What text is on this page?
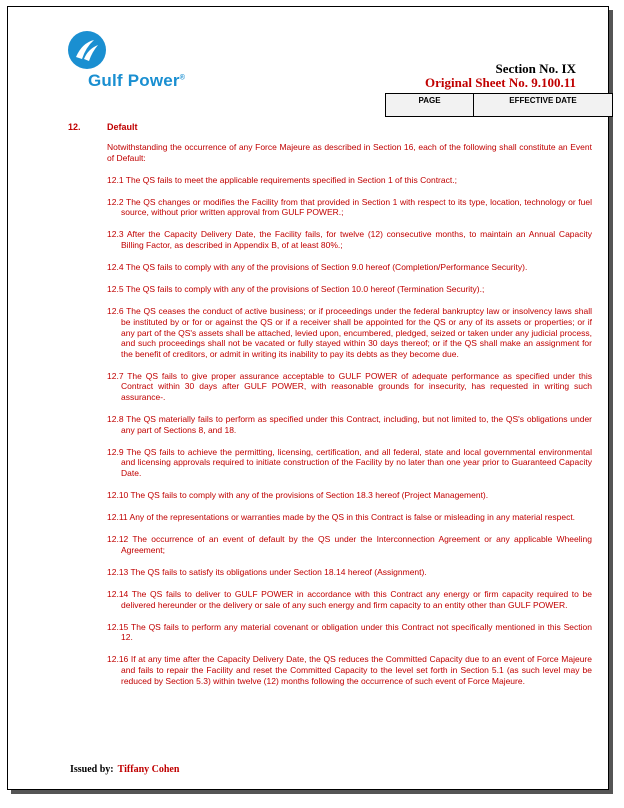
Gulf Power®
Section No. IX
Original Sheet No. 9.100.11
PAGE	EFFECTIVE DATE
12.	Default

Notwithstanding the occurrence of any Force Majeure as described in Section 16, each of the following shall constitute an Event of Default:

12.1 The QS fails to meet the applicable requirements specified in Section 1 of this Contract.;

12.2 The QS changes or modifies the Facility from that provided in Section 1 with respect to its type, location, technology or fuel source, without prior written approval from GULF POWER.;

12.3 After the Capacity Delivery Date, the Facility fails, for twelve (12) consecutive months, to maintain an Annual Capacity Billing Factor, as described in Appendix B, of at least 80%.;

12.4 The QS fails to comply with any of the provisions of Section 9.0 hereof (Completion/Performance Security).

12.5 The QS fails to comply with any of the provisions of Section 10.0 hereof (Termination Security).;

12.6 The QS ceases the conduct of active business; or if proceedings under the federal bankruptcy law or insolvency laws shall be instituted by or for or against the QS or if a receiver shall be appointed for the QS or any of its assets or properties; or if any part of the QS's assets shall be attached, levied upon, encumbered, pledged, seized or taken under any judicial process, and such proceedings shall not be vacated or fully stayed within 30 days thereof; or if the QS shall make an assignment for the benefit of creditors, or admit in writing its inability to pay its debts as they become due.

12.7 The QS fails to give proper assurance acceptable to GULF POWER of adequate performance as specified under this Contract within 30 days after GULF POWER, with reasonable grounds for insecurity, has requested in writing such assurance-.

12.8 The QS materially fails to perform as specified under this Contract, including, but not limited to, the QS's obligations under any part of Sections 8, and 18.

12.9 The QS fails to achieve the permitting, licensing, certification, and all federal, state and local governmental environmental and licensing approvals required to initiate construction of the Facility by no later than one year prior to Guaranteed Capacity Date.

12.10 The QS fails to comply with any of the provisions of Section 18.3 hereof (Project Management).

12.11 Any of the representations or warranties made by the QS in this Contract is false or misleading in any material respect.

12.12 The occurrence of an event of default by the QS under the Interconnection Agreement or any applicable Wheeling Agreement;

12.13 The QS fails to satisfy its obligations under Section 18.14 hereof (Assignment).

12.14 The QS fails to deliver to GULF POWER in accordance with this Contract any energy or firm capacity required to be delivered hereunder or the delivery or sale of any such energy and firm capacity to an entity other than GULF POWER.

12.15 The QS fails to perform any material covenant or obligation under this Contract not specifically mentioned in this Section 12.

12.16 If at any time after the Capacity Delivery Date, the QS reduces the Committed Capacity due to an event of Force Majeure and fails to repair the Facility and reset the Committed Capacity to the level set forth in Section 5.1 (as such level may be reduced by Section 5.3) within twelve (12) months following the occurrence of such event of Force Majeure.

Issued by: Tiffany Cohen
